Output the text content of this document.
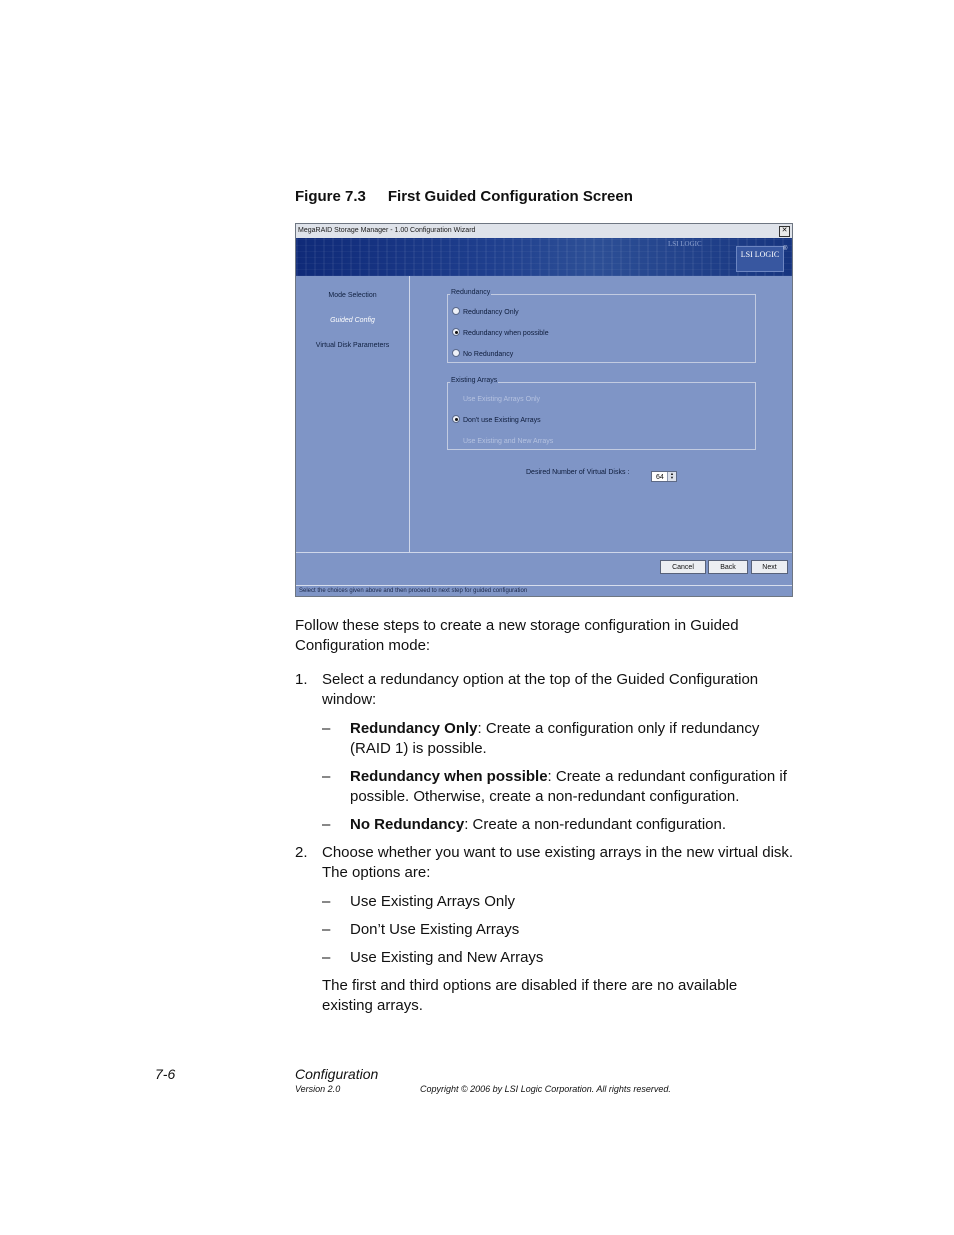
Figure 7.3 First Guided Configuration Screen
MegaRAID Storage Manager - 1.00 Configuration Wizard	✕
LSI LOGIC
LSI LOGIC
®
Mode Selection
Guided Config
Virtual Disk Parameters
Redundancy
Redundancy Only
Redundancy when possible
No Redundancy
Existing Arrays
Use Existing Arrays Only
Don't use Existing Arrays
Use Existing and New Arrays
Desired Number of Virtual Disks :
64
▲
▼
Cancel	Back	Next
Select the choices given above and then proceed to next step for guided configuration
Follow these steps to create a new storage configuration in Guided Configuration mode:
1. Select a redundancy option at the top of the Guided Configuration window:
– Redundancy Only: Create a configuration only if redundancy (RAID 1) is possible.
– Redundancy when possible: Create a redundant configuration if possible. Otherwise, create a non-redundant configuration.
– No Redundancy: Create a non-redundant configuration.
2. Choose whether you want to use existing arrays in the new virtual disk. The options are:
– Use Existing Arrays Only
– Don’t Use Existing Arrays
– Use Existing and New Arrays
The first and third options are disabled if there are no available existing arrays.
7-6	Configuration
Version 2.0	Copyright © 2006 by LSI Logic Corporation. All rights reserved.
